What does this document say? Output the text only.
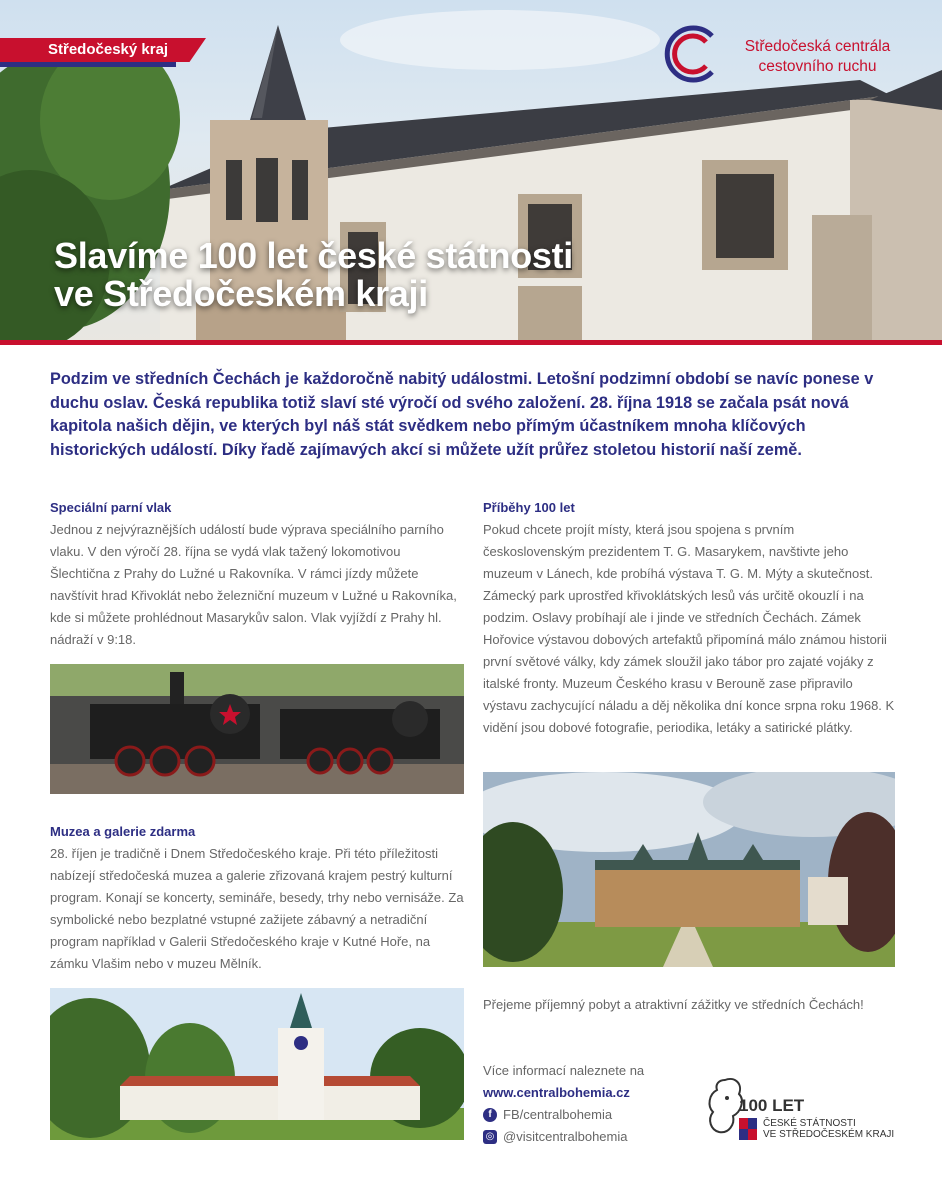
Středočeský kraj	Středočeská centrála
cestovního ruchu
Slavíme 100 let české státnosti
ve Středočeském kraji
Podzim ve středních Čechách je každoročně nabitý událostmi. Letošní podzimní období se navíc ponese v duchu oslav. Česká republika totiž slaví sté výročí od svého založení. 28. října 1918 se začala psát nová kapitola našich dějin, ve kterých byl náš stát svědkem nebo přímým účastníkem mnoha klíčových historických událostí. Díky řadě zajímavých akcí si můžete užít průřez stoletou historií naší země.
Speciální parní vlak

Jednou z nejvýraznějších událostí bude výprava speciálního parního vlaku. V den výročí 28. října se vydá vlak tažený lokomotivou Šlechtična z Prahy do Lužné u Rakovníka. V rámci jízdy můžete navštívit hrad Křivoklát nebo železniční muzeum v Lužné u Rakovníka, kde si můžete prohlédnout Masarykův salon. Vlak vyjíždí z Prahy hl. nádraží v 9:18.

Muzea a galerie zdarma

28. říjen je tradičně i Dnem Středočeského kraje. Při této příležitosti nabízejí středočeská muzea a galerie zřizovaná krajem pestrý kulturní program. Konají se koncerty, semináře, besedy, trhy nebo vernisáže. Za symbolické nebo bezplatné vstupné zažijete zábavný a netradiční program například v Galerii Středočeského kraje v Kutné Hoře, na zámku Vlašim nebo v muzeu Mělník.

Příběhy 100 let

Pokud chcete projít místy, která jsou spojena s prvním československým prezidentem T. G. Masarykem, navštivte jeho muzeum v Lánech, kde probíhá výstava T. G. M. Mýty a skutečnost. Zámecký park uprostřed křivoklátských lesů vás určitě okouzlí i na podzim. Oslavy probíhají ale i jinde ve středních Čechách. Zámek Hořovice výstavou dobových artefaktů připomíná málo známou historii první světové války, kdy zámek sloužil jako tábor pro zajaté vojáky z italské fronty. Muzeum Českého krasu v Berouně zase připravilo výstavu zachycující náladu a děj několika dní konce srpna roku 1968. K vidění jsou dobové fotografie, periodika, letáky a satirické plátky.

Přejeme příjemný pobyt a atraktivní zážitky ve středních Čechách!

Více informací naleznete na
www.centralbohemia.cz
f FB/centralbohemia
◎ @visitcentralbohemia
100 LET
ČESKÉ STÁTNOSTI
VE STŘEDOČESKÉM KRAJI
